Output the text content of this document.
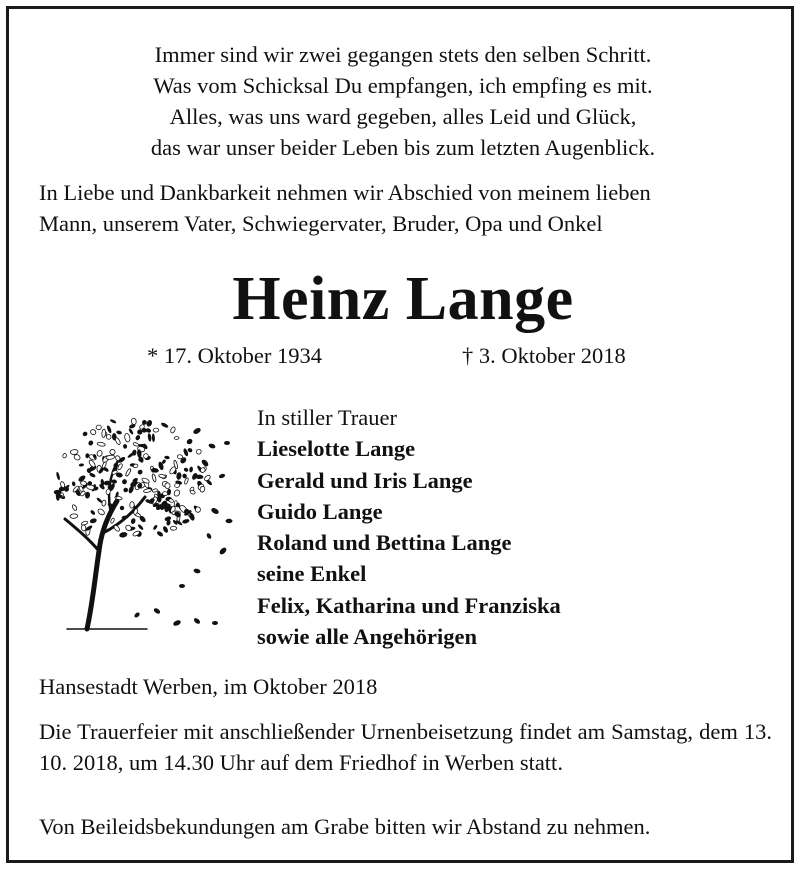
Immer sind wir zwei gegangen stets den selben Schritt.
Was vom Schicksal Du empfangen, ich empfing es mit.
Alles, was uns ward gegeben, alles Leid und Glück,
das war unser beider Leben bis zum letzten Augenblick.
In Liebe und Dankbarkeit nehmen wir Abschied von meinem lieben
Mann, unserem Vater, Schwiegervater, Bruder, Opa und Onkel
Heinz Lange
* 17. Oktober 1934	† 3. Oktober 2018
In stiller Trauer
Lieselotte Lange
Gerald und Iris Lange
Guido Lange
Roland und Bettina Lange
seine Enkel
Felix, Katharina und Franziska
sowie alle Angehörigen
Hansestadt Werben, im Oktober 2018
Die Trauerfeier mit anschließender Urnenbeisetzung findet am Samstag, dem 13. 10. 2018, um 14.30 Uhr auf dem Friedhof in Werben statt.
Von Beileidsbekundungen am Grabe bitten wir Abstand zu nehmen.
